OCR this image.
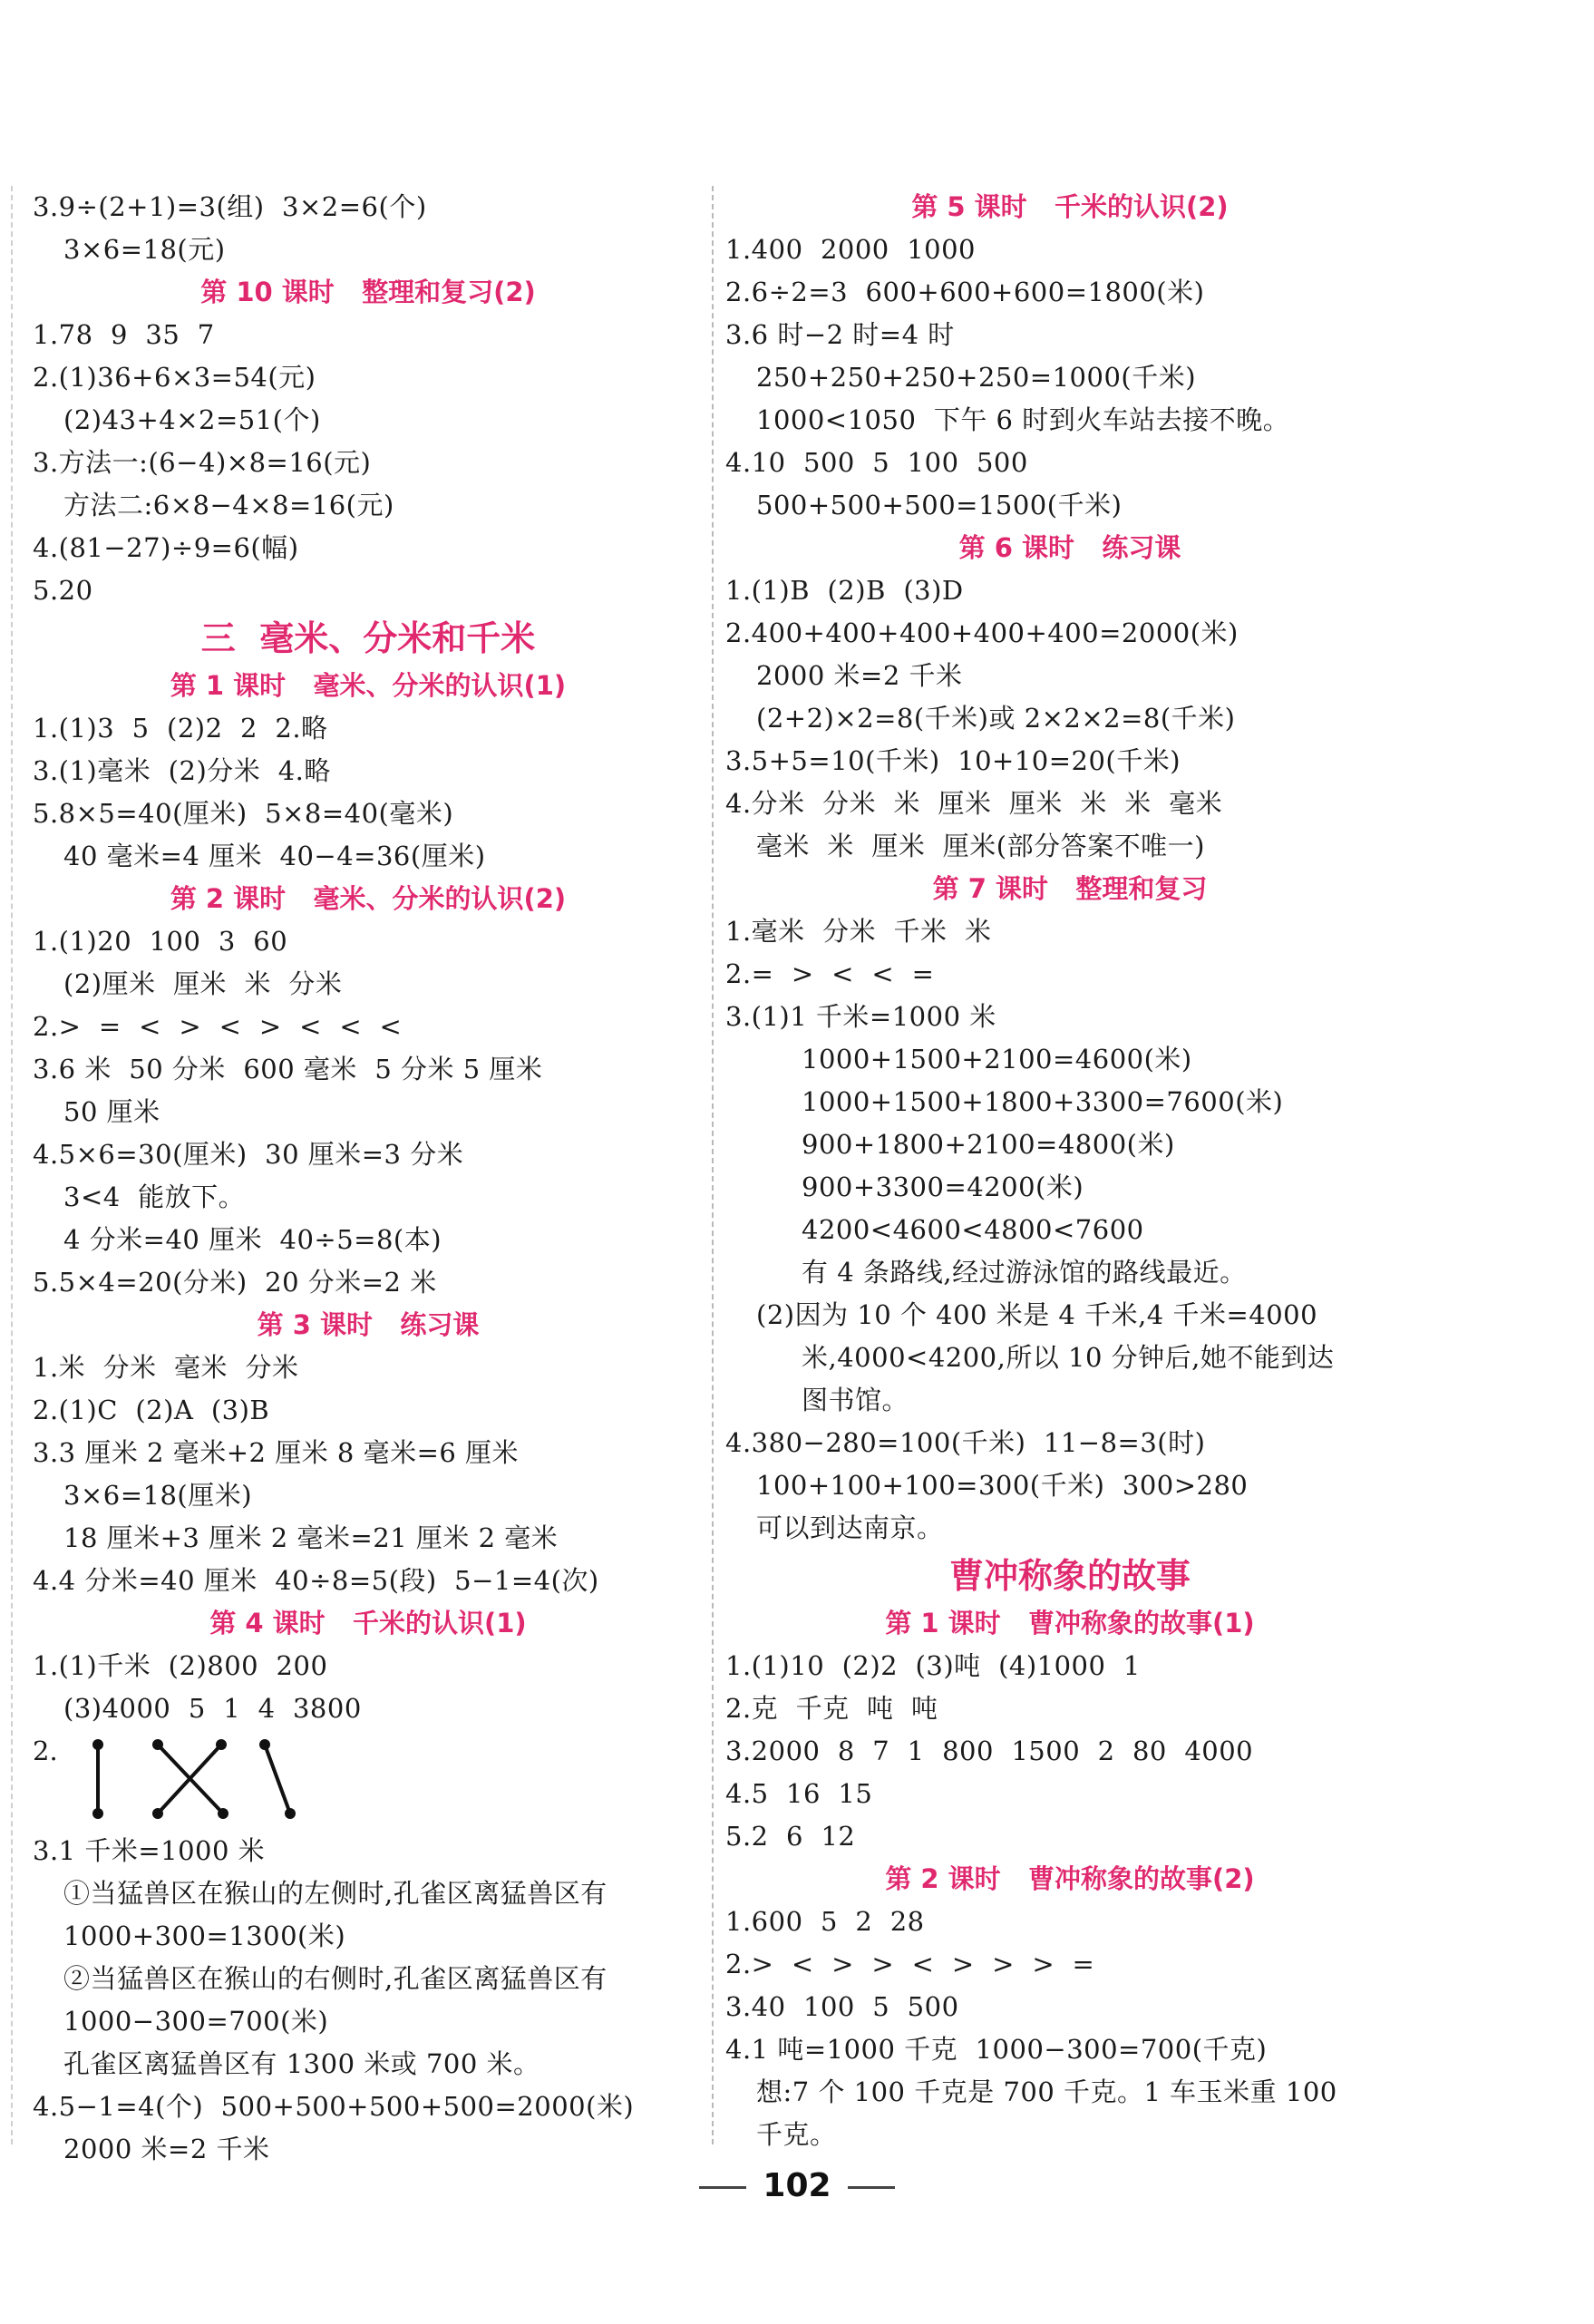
3.9÷(2+1)=3(组)  3×2=6(个)
3×6=18(元)
第 10 课时   整理和复习(2)
1.78  9  35  7
2.(1)36+6×3=54(元)
(2)43+4×2=51(个)
3.方法一:(6−4)×8=16(元)
方法二:6×8−4×8=16(元)
4.(81−27)÷9=6(幅)
5.20
三  毫米、分米和千米
第 1 课时   毫米、分米的认识(1)
1.(1)3  5  (2)2  2  2.略
3.(1)毫米  (2)分米  4.略
5.8×5=40(厘米)  5×8=40(毫米)
40 毫米=4 厘米  40−4=36(厘米)
第 2 课时   毫米、分米的认识(2)
1.(1)20  100  3  60
(2)厘米  厘米  米  分米
2.>  =  <  >  <  >  <  <  <
3.6 米  50 分米  600 毫米  5 分米 5 厘米
50 厘米
4.5×6=30(厘米)  30 厘米=3 分米
3<4  能放下。
4 分米=40 厘米  40÷5=8(本)
5.5×4=20(分米)  20 分米=2 米
第 3 课时   练习课
1.米  分米  毫米  分米
2.(1)C  (2)A  (3)B
3.3 厘米 2 毫米+2 厘米 8 毫米=6 厘米
3×6=18(厘米)
18 厘米+3 厘米 2 毫米=21 厘米 2 毫米
4.4 分米=40 厘米  40÷8=5(段)  5−1=4(次)
第 4 课时   千米的认识(1)
1.(1)千米  (2)800  200
(3)4000  5  1  4  3800
2.
3.1 千米=1000 米
①当猛兽区在猴山的左侧时,孔雀区离猛兽区有
1000+300=1300(米)
②当猛兽区在猴山的右侧时,孔雀区离猛兽区有
1000−300=700(米)
孔雀区离猛兽区有 1300 米或 700 米。
4.5−1=4(个)  500+500+500+500=2000(米)
2000 米=2 千米
第 5 课时   千米的认识(2)
1.400  2000  1000
2.6÷2=3  600+600+600=1800(米)
3.6 时−2 时=4 时
250+250+250+250=1000(千米)
1000<1050  下午 6 时到火车站去接不晚。
4.10  500  5  100  500
500+500+500=1500(千米)
第 6 课时   练习课
1.(1)B  (2)B  (3)D
2.400+400+400+400+400=2000(米)
2000 米=2 千米
(2+2)×2=8(千米)或 2×2×2=8(千米)
3.5+5=10(千米)  10+10=20(千米)
4.分米  分米  米  厘米  厘米  米  米  毫米
毫米  米  厘米  厘米(部分答案不唯一)
第 7 课时   整理和复习
1.毫米  分米  千米  米
2.=  >  <  <  =
3.(1)1 千米=1000 米
1000+1500+2100=4600(米)
1000+1500+1800+3300=7600(米)
900+1800+2100=4800(米)
900+3300=4200(米)
4200<4600<4800<7600
有 4 条路线,经过游泳馆的路线最近。
(2)因为 10 个 400 米是 4 千米,4 千米=4000
米,4000<4200,所以 10 分钟后,她不能到达
图书馆。
4.380−280=100(千米)  11−8=3(时)
100+100+100=300(千米)  300>280
可以到达南京。
曹冲称象的故事
第 1 课时   曹冲称象的故事(1)
1.(1)10  (2)2  (3)吨  (4)1000  1
2.克  千克  吨  吨
3.2000  8  7  1  800  1500  2  80  4000
4.5  16  15
5.2  6  12
第 2 课时   曹冲称象的故事(2)
1.600  5  2  28
2.>  <  >  >  <  >  >  >  =
3.40  100  5  500
4.1 吨=1000 千克  1000−300=700(千克)
想:7 个 100 千克是 700 千克。1 车玉米重 100
千克。
102
